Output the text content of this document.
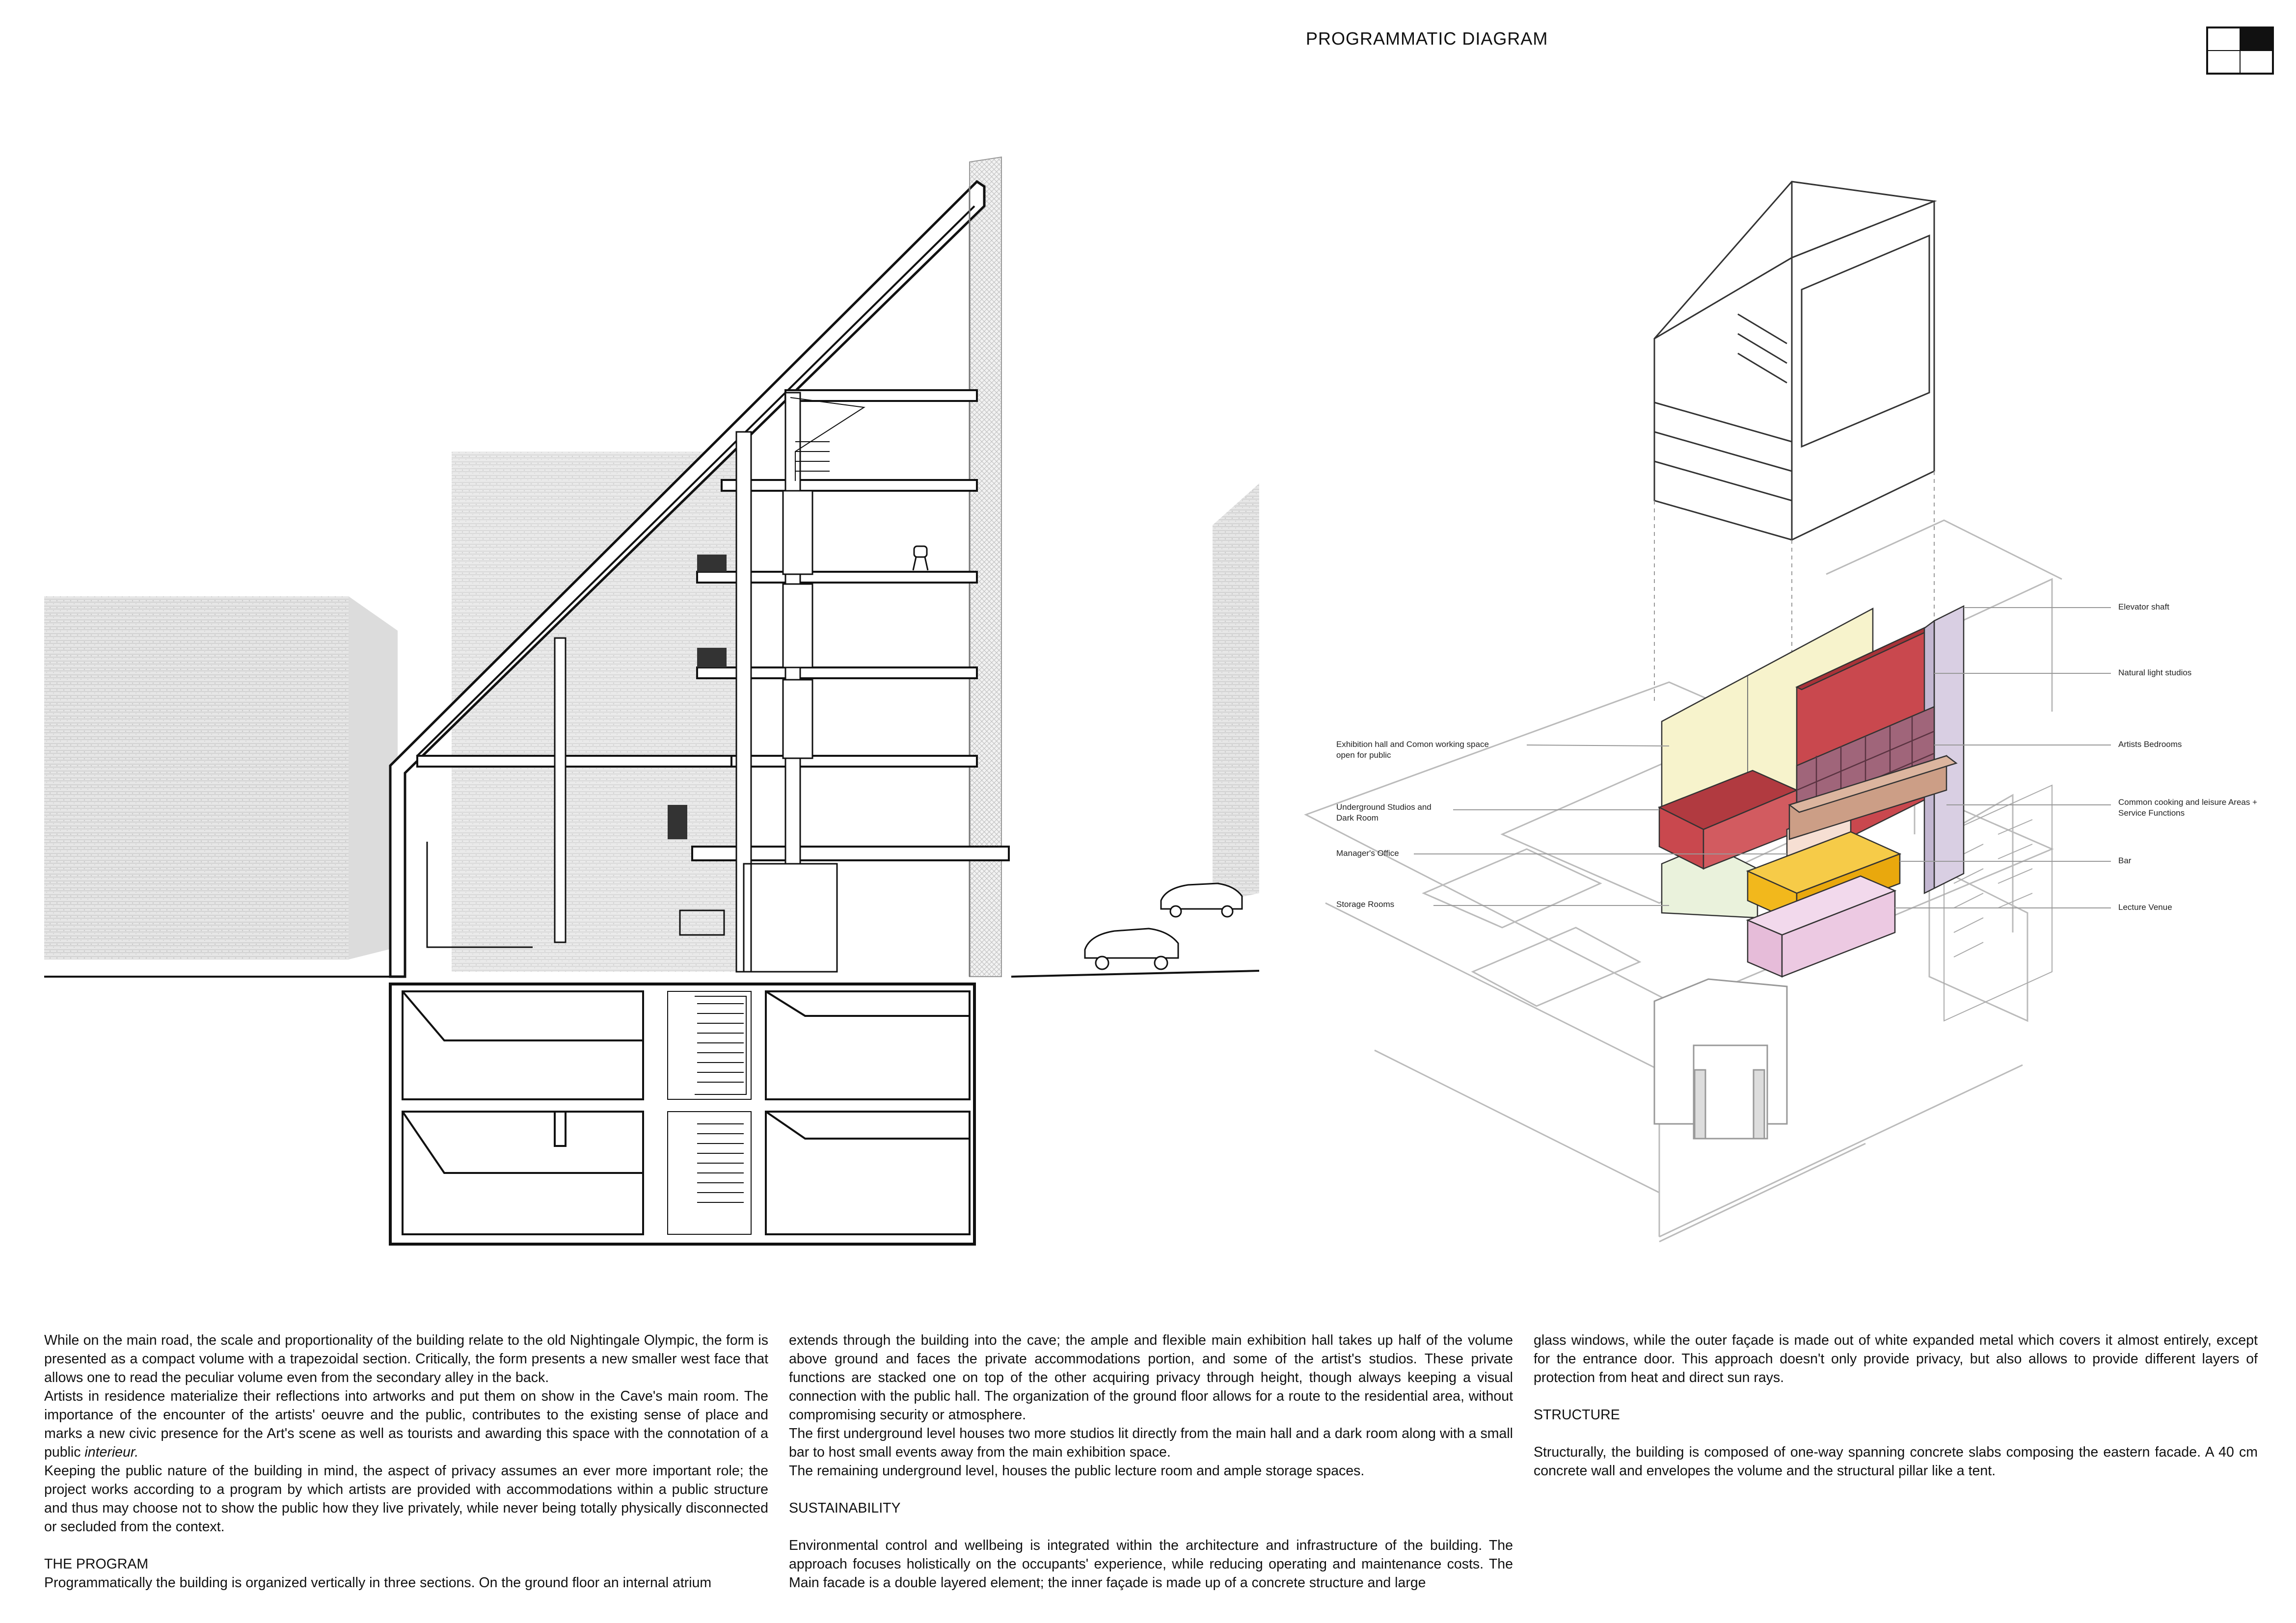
PROGRAMMATIC DIAGRAM
Exhibition hall and Comon working space
open for public
Underground Studios and
Dark Room
Manager's Office
Storage Rooms
Elevator shaft
Natural light studios
Artists Bedrooms
Common cooking and leisure Areas +
Service Functions
Bar
Lecture Venue

While on the main road, the scale and proportionality of the building relate to the old Nightingale Olympic, the form is presented as a compact volume with a trapezoidal section. Critically, the form presents a new smaller west face that allows one to read the peculiar volume even from the secondary alley in the back.

Artists in residence materialize their reflections into artworks and put them on show in the Cave's main room. The importance of the encounter of the artists' oeuvre and the public, contributes to the existing sense of place and marks a new civic presence for the Art's scene as well as tourists and awarding this space with the connotation of a public interieur.

Keeping the public nature of the building in mind, the aspect of privacy assumes an ever more important role; the project works according to a program by which artists are provided with accommodations within a public structure and thus may choose not to show the public how they live privately, while never being totally physically disconnected or secluded from the context.

THE PROGRAM

Programmatically the building is organized vertically in three sections. On the ground floor an internal atrium

extends through the building into the cave; the ample and flexible main exhibition hall takes up half of the volume above ground and faces the private accommodations portion, and some of the artist's studios. These private functions are stacked one on top of the other acquiring privacy through height, though always keeping a visual connection with the public hall. The organization of the ground floor allows for a route to the residential area, without compromising security or atmosphere.

The first underground level houses two more studios lit directly from the main hall and a dark room along with a small bar to host small events away from the main exhibition space.

The remaining underground level, houses the public lecture room and ample storage spaces.

SUSTAINABILITY

Environmental control and wellbeing is integrated within the architecture and infrastructure of the building. The approach focuses holistically on the occupants' experience, while reducing operating and maintenance costs. The Main facade is a double layered element; the inner façade is made up of a concrete structure and large

glass windows, while the outer façade is made out of white expanded metal which covers it almost entirely, except for the entrance door. This approach doesn't only provide privacy, but also allows to provide different layers of protection from heat and direct sun rays.

STRUCTURE

Structurally, the building is composed of one-way spanning concrete slabs composing the eastern facade. A 40 cm concrete wall and envelopes the volume and the structural pillar like a tent.
